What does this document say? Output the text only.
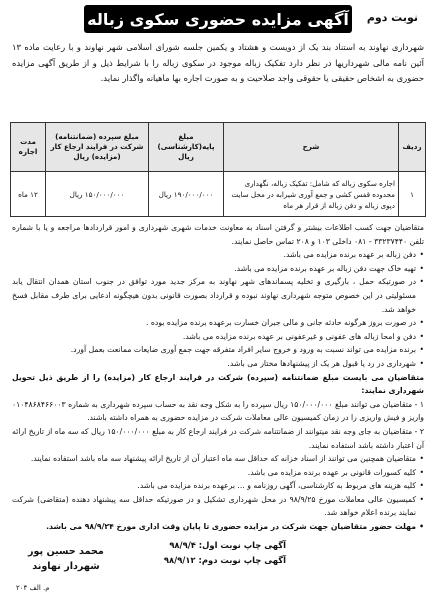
آگهی مزایده حضوری سکوی زباله نوبت دوم
شهرداری نهاوند به استناد بند یک از دویست و هشتاد و یکمین جلسه شورای اسلامی شهر نهاوند و با رعایت ماده ۱۳ آئین نامه مالی شهرداریها در نظر دارد تفکیک زباله موجود در سکوی زباله را با شرایط ذیل و از طریق آگهی مزایده حضوری به اشخاص حقیقی یا حقوقی واجد صلاحیت و به صورت اجاره بها ماهیانه واگذار نماید.
ردیف	شرح	مبلغ پایه(کارشناسی) ریال	مبلغ سپرده (ضمانتنامه) شرکت در فرایند ارجاع کار (مزایده) ریال	مدت اجاره
۱	اجاره سکوی زباله که شامل: تفکیک زباله، نگهداری محدوده قفس کشی و جمع آوری شیرابه در محل سایت دپوی زباله و دفن زباله از قرار هر ماه	۱۹۰/۰۰۰/۰۰۰ ریال	۱۵۰/۰۰۰/۰۰۰ ریال	۱۲ ماه

متقاضیان جهت کسب اطلاعات بیشتر و گرفتن اسناد به معاونت خدمات شهری شهرداری و امور قراردادها مراجعه و یا با شماره تلفن ۳۳۲۳۷۴۴۰ - ۰۸۱ داخلی ۱۰۳ و ۲۰۸ تماس حاصل نمایند.

• دفن زباله بر عهده برنده مزایده می باشد.

• تهیه خاک جهت دفن زباله بر عهده برنده مزایده می باشد.

• در صورتیکه حمل ، بارگیری و تخلیه پسماندهای شهر نهاوند به مرکز جدید مورد توافق در جنوب استان همدان انتقال یابد مسئولیتی در این خصوص متوجه شهرداری نهاوند نبوده و قرارداد بصورت قانونی بدون هیچگونه ادعایی برای طرف مقابل فسخ خواهد شد.

• در صورت بروز هرگونه حادثه جانی و مالی جبران خسارت برعهده برنده مزایده بوده .

• دفن و امحا زباله های عفونی و غیرعفونی بر عهده برنده مزایده می باشد.

• برنده مزایده می تواند نسبت به ورود و خروج سایر افراد متفرقه جهت جمع آوری ضایعات ممانعت بعمل آورد.

• شهرداری در رد یا قبول هر یک از پیشنهادها مختار می باشد.

متقاضیان می بایست مبلغ ضمانتنامه (سپرده) شرکت در فرایند ارجاع کار (مزایده) را از طریق ذیل تحویل شهرداری نمایند:

۱ - متقاضیان می توانند مبلغ ۱۵۰/۰۰۰/۰۰۰ ریال سپرده را به شکل وجه نقد به حساب سپرده شهرداری به شماره ۰۱۰۴۸۶۸۴۶۶۰۰۳ واریز و فیش واریزی را در زمان کمیسیون عالی معاملات شرکت در مزایده حضوری به همراه داشته باشند.

۲ - متقاضیان به جای وجه نقد میتوانند از ضمانتنامه شرکت در فرایند ارجاع کار به مبلغ ۱۵۰/۰۰۰/۰۰۰ ریال که سه ماه از تاریخ ارائه آن اعتبار داشته باشد استفاده نمایند.

• متقاضیان همچنین می توانند از اسناد خزانه که حداقل سه ماه اعتبار آن از تاریخ ارائه پیشنهاد سه ماه باشد استفاده نمایند.

• کلیه کسورات قانونی بر عهده برنده مزایده می باشد.

• کلیه هزینه های مربوط به کارشناسی، آگهی روزنامه و ... برعهده برنده مزایده می باشد.

• کمیسیون عالی معاملات مورخ ۹۸/۹/۲۵ در محل شهرداری تشکیل و در صورتیکه حداقل سه پیشنهاد دهنده (متقاضی) شرکت نمایند برنده اعلام خواهد شد.

• مهلت حضور متقاضیان جهت شرکت در مزایده حضوری تا پایان وقت اداری مورخ ۹۸/۹/۲۴ می باشد.

آگهی چاپ نوبت اول: ۹۸/۹/۴
آگهی چاپ نوبت دوم: ۹۸/۹/۱۲
محمد حسین پور
شهردار نهاوند
م. الف ۲۰۴
